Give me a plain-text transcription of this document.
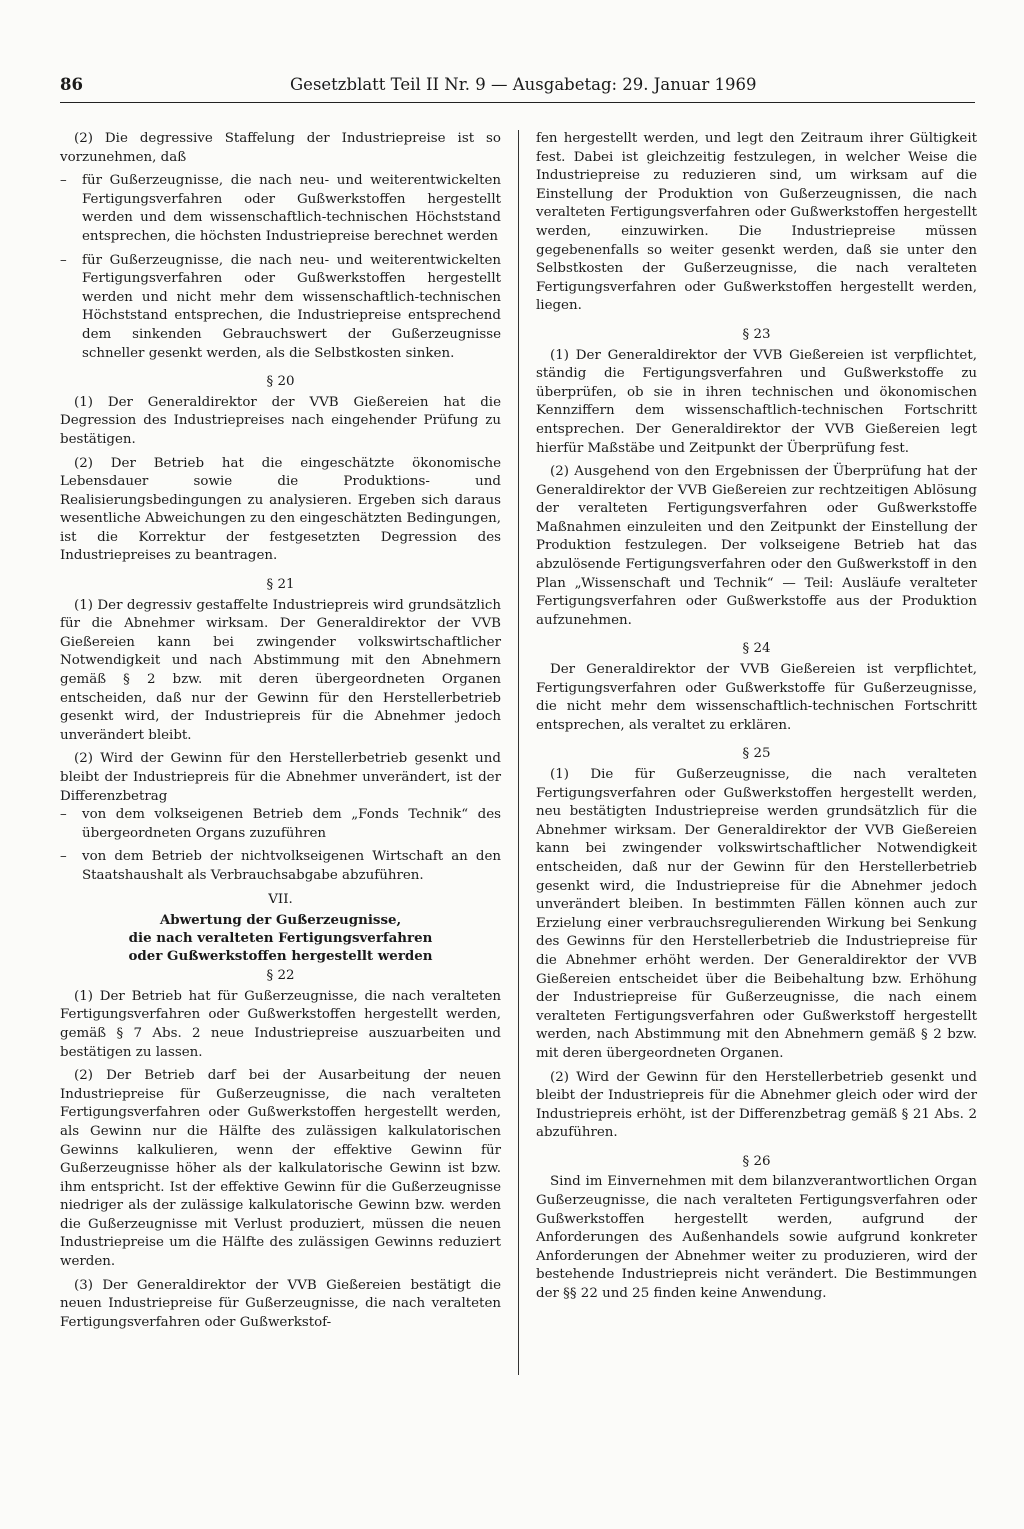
86	Gesetzblatt Teil II Nr. 9 — Ausgabetag: 29. Januar 1969

(2) Die degressive Staffelung der Industriepreise ist so vorzunehmen, daß

– für Gußerzeugnisse, die nach neu- und weiterentwickelten Fertigungsverfahren oder Gußwerkstoffen hergestellt werden und dem wissenschaftlich-technischen Höchststand entsprechen, die höchsten Industriepreise berechnet werden

– für Gußerzeugnisse, die nach neu- und weiterentwickelten Fertigungsverfahren oder Gußwerkstoffen hergestellt werden und nicht mehr dem wissenschaftlich-technischen Höchststand entsprechen, die Industriepreise entsprechend dem sinkenden Gebrauchswert der Gußerzeugnisse schneller gesenkt werden, als die Selbstkosten sinken.

§ 20

(1) Der Generaldirektor der VVB Gießereien hat die Degression des Industriepreises nach eingehender Prüfung zu bestätigen.

(2) Der Betrieb hat die eingeschätzte ökonomische Lebensdauer sowie die Produktions- und Realisierungsbedingungen zu analysieren. Ergeben sich daraus wesentliche Abweichungen zu den eingeschätzten Bedingungen, ist die Korrektur der festgesetzten Degression des Industriepreises zu beantragen.

§ 21

(1) Der degressiv gestaffelte Industriepreis wird grundsätzlich für die Abnehmer wirksam. Der Generaldirektor der VVB Gießereien kann bei zwingender volkswirtschaftlicher Notwendigkeit und nach Abstimmung mit den Abnehmern gemäß § 2 bzw. mit deren übergeordneten Organen entscheiden, daß nur der Gewinn für den Herstellerbetrieb gesenkt wird, der Industriepreis für die Abnehmer jedoch unverändert bleibt.

(2) Wird der Gewinn für den Herstellerbetrieb gesenkt und bleibt der Industriepreis für die Abnehmer unverändert, ist der Differenzbetrag

– von dem volkseigenen Betrieb dem „Fonds Technik“ des übergeordneten Organs zuzuführen

– von dem Betrieb der nichtvolkseigenen Wirtschaft an den Staatshaushalt als Verbrauchsabgabe abzuführen.

VII.
Abwertung der Gußerzeugnisse,
die nach veralteten Fertigungsverfahren
oder Gußwerkstoffen hergestellt werden
§ 22

(1) Der Betrieb hat für Gußerzeugnisse, die nach veralteten Fertigungsverfahren oder Gußwerkstoffen hergestellt werden, gemäß § 7 Abs. 2 neue Industriepreise auszuarbeiten und bestätigen zu lassen.

(2) Der Betrieb darf bei der Ausarbeitung der neuen Industriepreise für Gußerzeugnisse, die nach veralteten Fertigungsverfahren oder Gußwerkstoffen hergestellt werden, als Gewinn nur die Hälfte des zulässigen kalkulatorischen Gewinns kalkulieren, wenn der effektive Gewinn für Gußerzeugnisse höher als der kalkulatorische Gewinn ist bzw. ihm entspricht. Ist der effektive Gewinn für die Gußerzeugnisse niedriger als der zulässige kalkulatorische Gewinn bzw. werden die Gußerzeugnisse mit Verlust produziert, müssen die neuen Industriepreise um die Hälfte des zulässigen Gewinns reduziert werden.

(3) Der Generaldirektor der VVB Gießereien bestätigt die neuen Industriepreise für Gußerzeugnisse, die nach veralteten Fertigungsverfahren oder Gußwerkstof-

fen hergestellt werden, und legt den Zeitraum ihrer Gültigkeit fest. Dabei ist gleichzeitig festzulegen, in welcher Weise die Industriepreise zu reduzieren sind, um wirksam auf die Einstellung der Produktion von Gußerzeugnissen, die nach veralteten Fertigungsverfahren oder Gußwerkstoffen hergestellt werden, einzuwirken. Die Industriepreise müssen gegebenenfalls so weiter gesenkt werden, daß sie unter den Selbstkosten der Gußerzeugnisse, die nach veralteten Fertigungsverfahren oder Gußwerkstoffen hergestellt werden, liegen.

§ 23

(1) Der Generaldirektor der VVB Gießereien ist verpflichtet, ständig die Fertigungsverfahren und Gußwerkstoffe zu überprüfen, ob sie in ihren technischen und ökonomischen Kennziffern dem wissenschaftlich-technischen Fortschritt entsprechen. Der Generaldirektor der VVB Gießereien legt hierfür Maßstäbe und Zeitpunkt der Überprüfung fest.

(2) Ausgehend von den Ergebnissen der Überprüfung hat der Generaldirektor der VVB Gießereien zur rechtzeitigen Ablösung der veralteten Fertigungsverfahren oder Gußwerkstoffe Maßnahmen einzuleiten und den Zeitpunkt der Einstellung der Produktion festzulegen. Der volkseigene Betrieb hat das abzulösende Fertigungsverfahren oder den Gußwerkstoff in den Plan „Wissenschaft und Technik“ — Teil: Ausläufe veralteter Fertigungsverfahren oder Gußwerkstoffe aus der Produktion aufzunehmen.

§ 24

Der Generaldirektor der VVB Gießereien ist verpflichtet, Fertigungsverfahren oder Gußwerkstoffe für Gußerzeugnisse, die nicht mehr dem wissenschaftlich-technischen Fortschritt entsprechen, als veraltet zu erklären.

§ 25

(1) Die für Gußerzeugnisse, die nach veralteten Fertigungsverfahren oder Gußwerkstoffen hergestellt werden, neu bestätigten Industriepreise werden grundsätzlich für die Abnehmer wirksam. Der Generaldirektor der VVB Gießereien kann bei zwingender volkswirtschaftlicher Notwendigkeit entscheiden, daß nur der Gewinn für den Herstellerbetrieb gesenkt wird, die Industriepreise für die Abnehmer jedoch unverändert bleiben. In bestimmten Fällen können auch zur Erzielung einer verbrauchsregulierenden Wirkung bei Senkung des Gewinns für den Herstellerbetrieb die Industriepreise für die Abnehmer erhöht werden. Der Generaldirektor der VVB Gießereien entscheidet über die Beibehaltung bzw. Erhöhung der Industriepreise für Gußerzeugnisse, die nach einem veralteten Fertigungsverfahren oder Gußwerkstoff hergestellt werden, nach Abstimmung mit den Abnehmern gemäß § 2 bzw. mit deren übergeordneten Organen.

(2) Wird der Gewinn für den Herstellerbetrieb gesenkt und bleibt der Industriepreis für die Abnehmer gleich oder wird der Industriepreis erhöht, ist der Differenzbetrag gemäß § 21 Abs. 2 abzuführen.

§ 26

Sind im Einvernehmen mit dem bilanzverantwortlichen Organ Gußerzeugnisse, die nach veralteten Fertigungsverfahren oder Gußwerkstoffen hergestellt werden, aufgrund der Anforderungen des Außenhandels sowie aufgrund konkreter Anforderungen der Abnehmer weiter zu produzieren, wird der bestehende Industriepreis nicht verändert. Die Bestimmungen der §§ 22 und 25 finden keine Anwendung.
